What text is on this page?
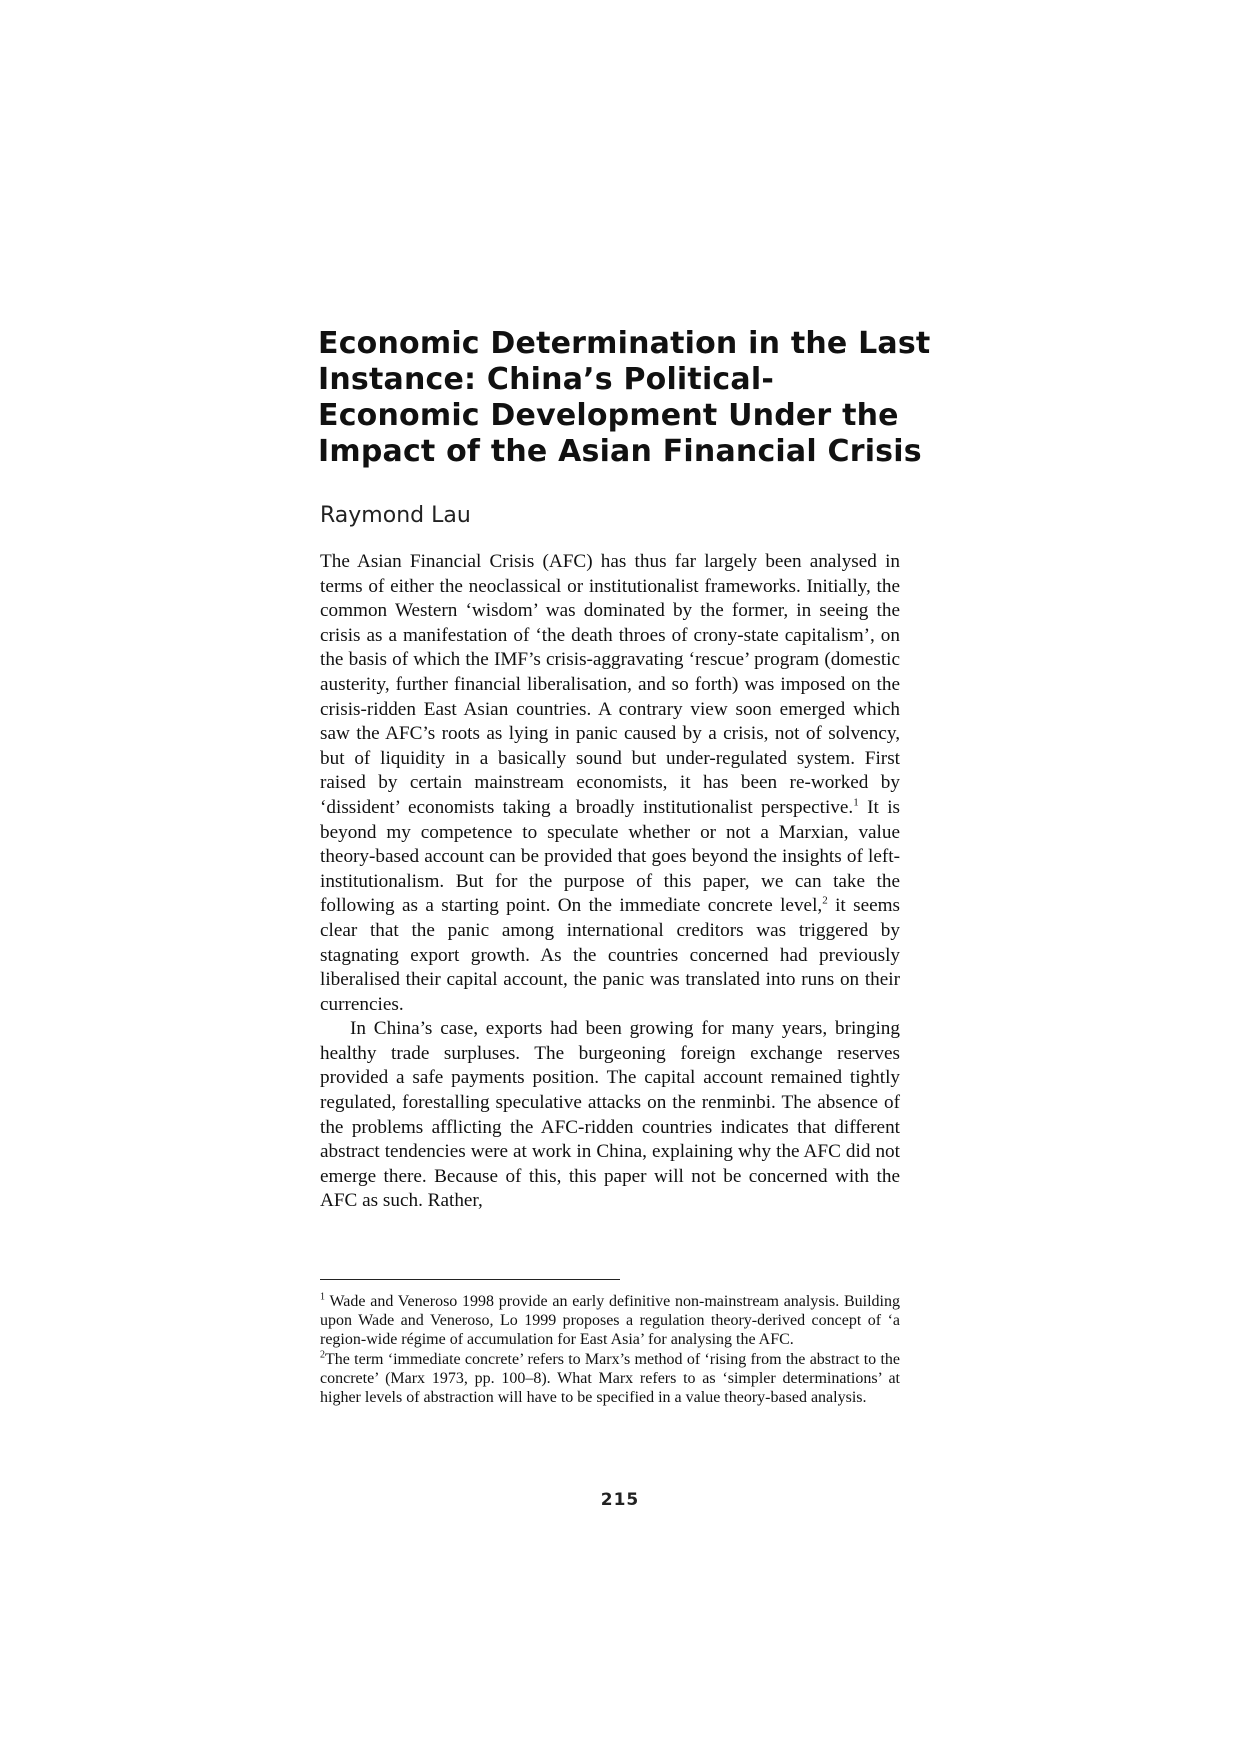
Economic Determination in the Last
Instance: China’s Political-
Economic Development Under the
Impact of the Asian Financial Crisis
Raymond Lau

The Asian Financial Crisis (AFC) has thus far largely been analysed in terms of either the neoclassical or institutionalist frameworks. Initially, the common Western ‘wisdom’ was dominated by the former, in seeing the crisis as a manifestation of ‘the death throes of crony-state capitalism’, on the basis of which the IMF’s crisis-aggravating ‘rescue’ program (domestic austerity, further financial liberalisation, and so forth) was imposed on the crisis-ridden East Asian countries. A contrary view soon emerged which saw the AFC’s roots as lying in panic caused by a crisis, not of solvency, but of liquidity in a basically sound but under-regulated system. First raised by certain mainstream economists, it has been re-worked by ‘dissident’ economists taking a broadly institutionalist perspective.$^1$ It is beyond my competence to speculate whether or not a Marxian, value theory-based account can be provided that goes beyond the insights of left-institutionalism. But for the purpose of this paper, we can take the following as a starting point. On the immediate concrete level,$^2$ it seems clear that the panic among international creditors was triggered by stagnating export growth. As the countries concerned had previously liberalised their capital account, the panic was translated into runs on their currencies.

In China’s case, exports had been growing for many years, bringing healthy trade surpluses. The burgeoning foreign exchange reserves provided a safe payments position. The capital account remained tightly regulated, forestalling speculative attacks on the renminbi. The absence of the problems afflicting the AFC-ridden countries indicates that different abstract tendencies were at work in China, explaining why the AFC did not emerge there. Because of this, this paper will not be concerned with the AFC as such. Rather,

$^1$ Wade and Veneroso 1998 provide an early definitive non-mainstream analysis. Building upon Wade and Veneroso, Lo 1999 proposes a regulation theory-derived concept of ‘a region-wide régime of accumulation for East Asia’ for analysing the AFC.

$^2$The term ‘immediate concrete’ refers to Marx’s method of ‘rising from the abstract to the concrete’ (Marx 1973, pp. 100–8). What Marx refers to as ‘simpler determinations’ at higher levels of abstraction will have to be specified in a value theory-based analysis.

215
